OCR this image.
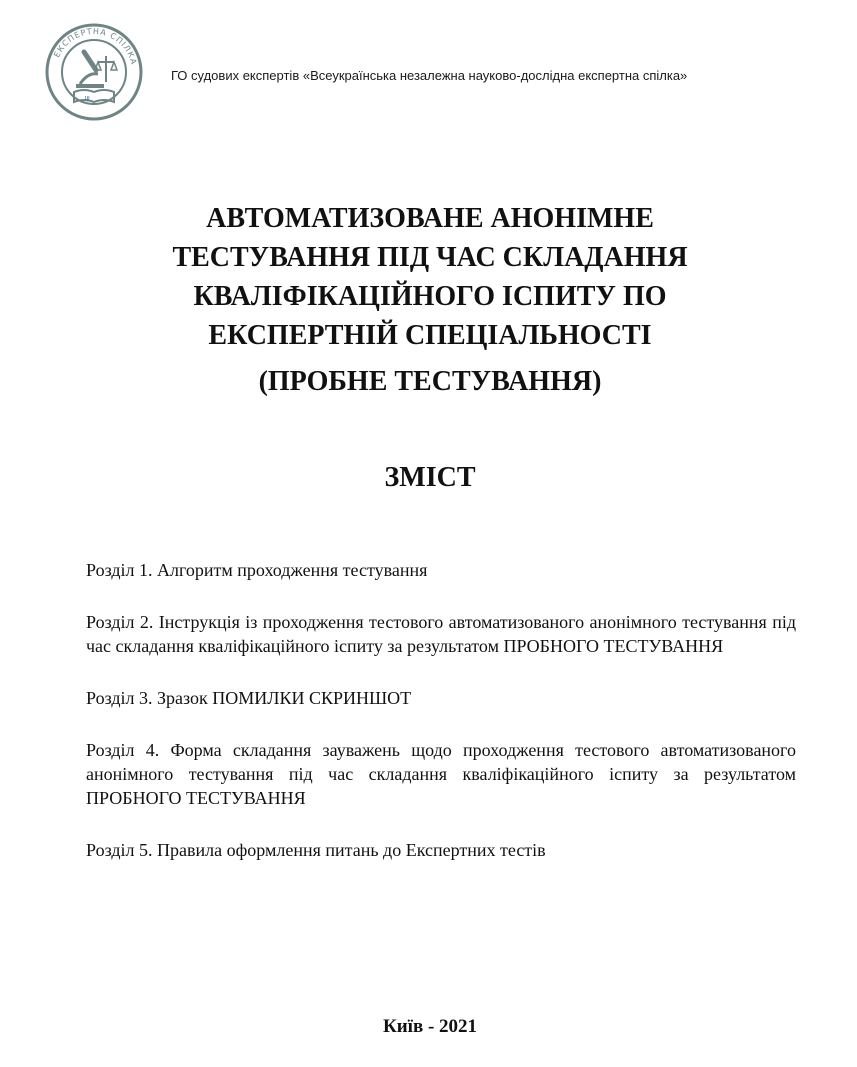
ЕКСПЕРТНА СПІЛКА
ψ
ГО судових експертів «Всеукраїнська незалежна науково-дослідна експертна спілка»
АВТОМАТИЗОВАНЕ АНОНІМНЕ
ТЕСТУВАННЯ ПІД ЧАС СКЛАДАННЯ
КВАЛІФІКАЦІЙНОГО ІСПИТУ ПО
ЕКСПЕРТНІЙ СПЕЦІАЛЬНОСТІ
(ПРОБНЕ ТЕСТУВАННЯ)
ЗМІСТ

Розділ 1. Алгоритм проходження тестування

Розділ 2. Інструкція із проходження тестового автоматизованого анонімного тестування під час складання кваліфікаційного іспиту за результатом ПРОБНОГО ТЕСТУВАННЯ

Розділ 3. Зразок ПОМИЛКИ СКРИНШОТ

Розділ 4. Форма складання зауважень щодо проходження тестового автоматизованого анонімного тестування під час складання кваліфікаційного іспиту за результатом ПРОБНОГО ТЕСТУВАННЯ

Розділ 5. Правила оформлення питань до Експертних тестів

Київ - 2021
